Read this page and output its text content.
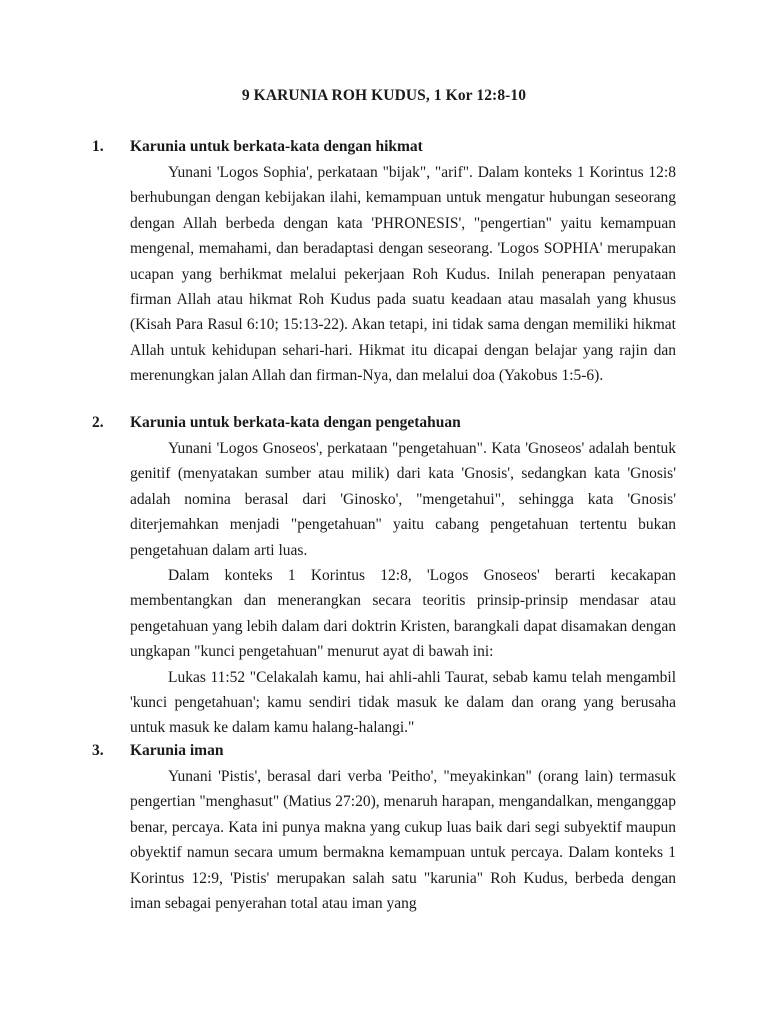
9 KARUNIA ROH KUDUS, 1 Kor 12:8-10
1. Karunia untuk berkata-kata dengan hikmat

Yunani 'Logos Sophia', perkataan "bijak", "arif". Dalam konteks 1 Korintus 12:8 berhubungan dengan kebijakan ilahi, kemampuan untuk mengatur hubungan seseorang dengan Allah berbeda dengan kata 'PHRONESIS', "pengertian" yaitu kemampuan mengenal, memahami, dan beradaptasi dengan seseorang. 'Logos SOPHIA' merupakan ucapan yang berhikmat melalui pekerjaan Roh Kudus. Inilah penerapan penyataan firman Allah atau hikmat Roh Kudus pada suatu keadaan atau masalah yang khusus (Kisah Para Rasul 6:10; 15:13-22). Akan tetapi, ini tidak sama dengan memiliki hikmat Allah untuk kehidupan sehari-hari. Hikmat itu dicapai dengan belajar yang rajin dan merenungkan jalan Allah dan firman-Nya, dan melalui doa (Yakobus 1:5-6).

2. Karunia untuk berkata-kata dengan pengetahuan

Yunani 'Logos Gnoseos', perkataan "pengetahuan". Kata 'Gnoseos' adalah bentuk genitif (menyatakan sumber atau milik) dari kata 'Gnosis', sedangkan kata 'Gnosis' adalah nomina berasal dari 'Ginosko', "mengetahui", sehingga kata 'Gnosis' diterjemahkan menjadi "pengetahuan" yaitu cabang pengetahuan tertentu bukan pengetahuan dalam arti luas.

Dalam konteks 1 Korintus 12:8, 'Logos Gnoseos' berarti kecakapan membentangkan dan menerangkan secara teoritis prinsip-prinsip mendasar atau pengetahuan yang lebih dalam dari doktrin Kristen, barangkali dapat disamakan dengan ungkapan "kunci pengetahuan" menurut ayat di bawah ini:

Lukas 11:52 "Celakalah kamu, hai ahli-ahli Taurat, sebab kamu telah mengambil 'kunci pengetahuan'; kamu sendiri tidak masuk ke dalam dan orang yang berusaha untuk masuk ke dalam kamu halang-halangi."

3. Karunia iman

Yunani 'Pistis', berasal dari verba 'Peitho', "meyakinkan" (orang lain) termasuk pengertian "menghasut" (Matius 27:20), menaruh harapan, mengandalkan, menganggap benar, percaya. Kata ini punya makna yang cukup luas baik dari segi subyektif maupun obyektif namun secara umum bermakna kemampuan untuk percaya. Dalam konteks 1 Korintus 12:9, 'Pistis' merupakan salah satu "karunia" Roh Kudus, berbeda dengan iman sebagai penyerahan total atau iman yang
